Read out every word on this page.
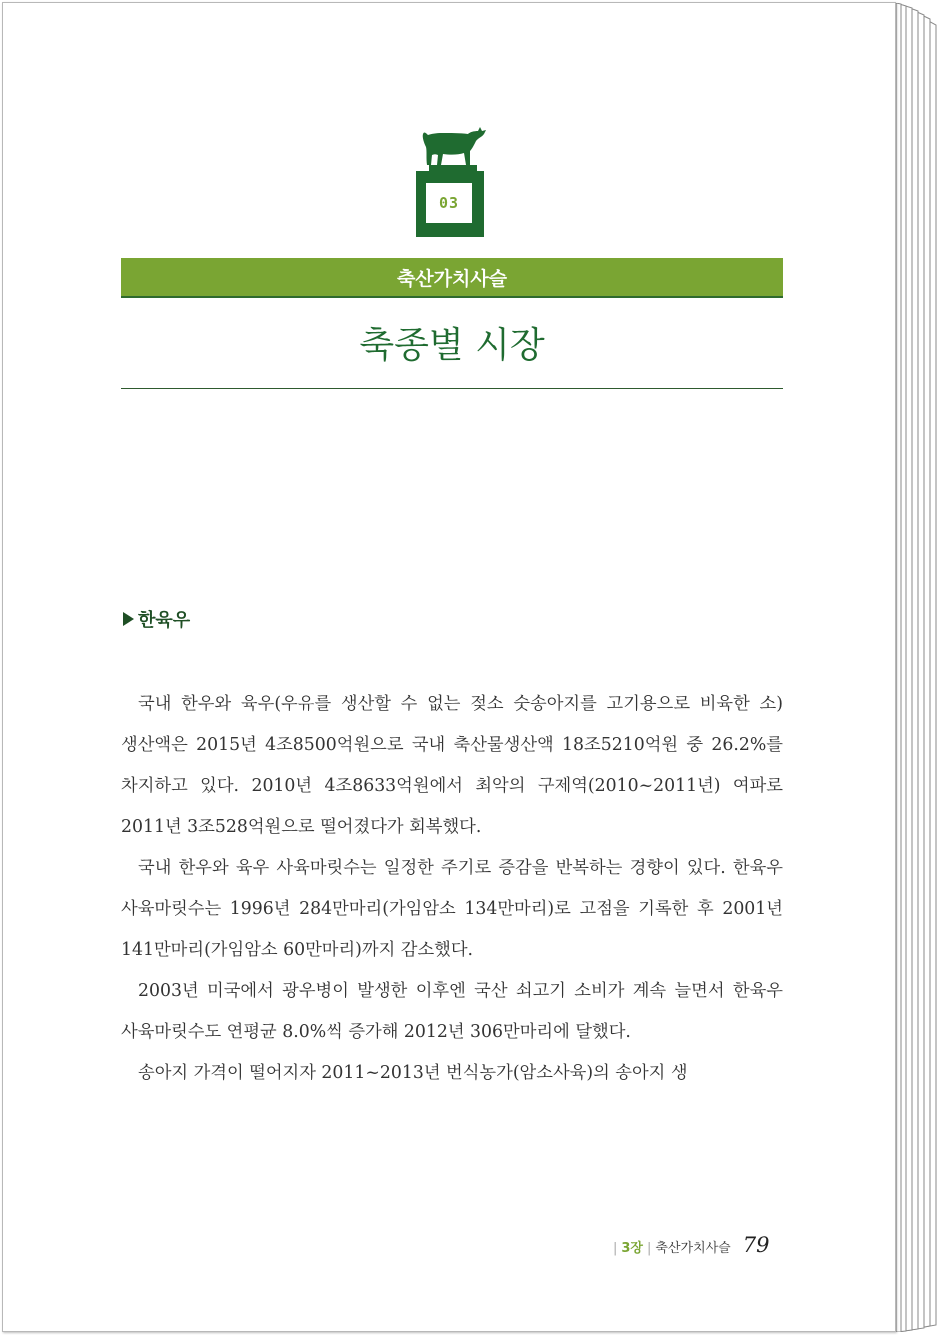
03
축산가치사슬
축종별 시장
한육우

국내 한우와 육우(우유를 생산할 수 없는 젖소 숫송아지를 고기용으로 비육한 소) 생산액은 2015년 4조8500억원으로 국내 축산물생산액 18조5210억원 중 26.2%를 차지하고 있다. 2010년 4조8633억원에서 최악의 구제역(2010~2011년) 여파로 2011년 3조528억원으로 떨어졌다가 회복했다.

국내 한우와 육우 사육마릿수는 일정한 주기로 증감을 반복하는 경향이 있다. 한육우 사육마릿수는 1996년 284만마리(가임암소 134만마리)로 고점을 기록한 후 2001년 141만마리(가임암소 60만마리)까지 감소했다.

2003년 미국에서 광우병이 발생한 이후엔 국산 쇠고기 소비가 계속 늘면서 한육우 사육마릿수도 연평균 8.0%씩 증가해 2012년 306만마리에 달했다.

송아지 가격이 떨어지자 2011~2013년 번식농가(암소사육)의 송아지 생

| 3장 | 축산가치사슬 79
